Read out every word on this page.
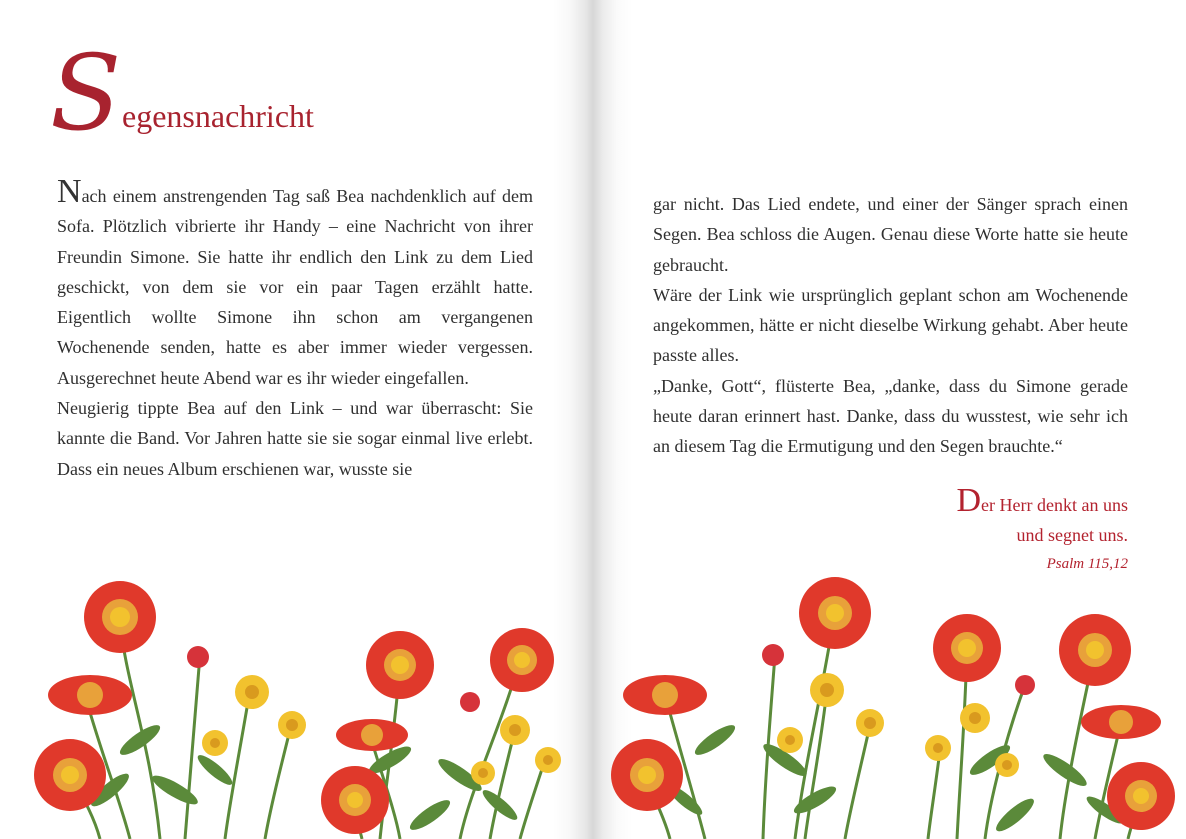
S egensnachricht

Nach einem anstrengenden Tag saß Bea nachdenklich auf dem Sofa. Plötzlich vibrierte ihr Handy – eine Nachricht von ihrer Freundin Simone. Sie hatte ihr endlich den Link zu dem Lied geschickt, von dem sie vor ein paar Tagen erzählt hatte. Eigentlich wollte Simone ihn schon am vergangenen Wochenende senden, hatte es aber immer wieder vergessen. Ausgerechnet heute Abend war es ihr wieder eingefallen.

Neugierig tippte Bea auf den Link – und war überrascht: Sie kannte die Band. Vor Jahren hatte sie sie sogar einmal live erlebt. Dass ein neues Album erschienen war, wusste sie

gar nicht. Das Lied endete, und einer der Sänger sprach einen Segen. Bea schloss die Augen. Genau diese Worte hatte sie heute gebraucht.

Wäre der Link wie ursprünglich geplant schon am Wochenende angekommen, hätte er nicht dieselbe Wirkung gehabt. Aber heute passte alles.

„Danke, Gott“, flüsterte Bea, „danke, dass du Simone gerade heute daran erinnert hast. Danke, dass du wusstest, wie sehr ich an diesem Tag die Ermutigung und den Segen brauchte.“

Der Herr denkt an uns
und segnet uns.
Psalm 115,12
